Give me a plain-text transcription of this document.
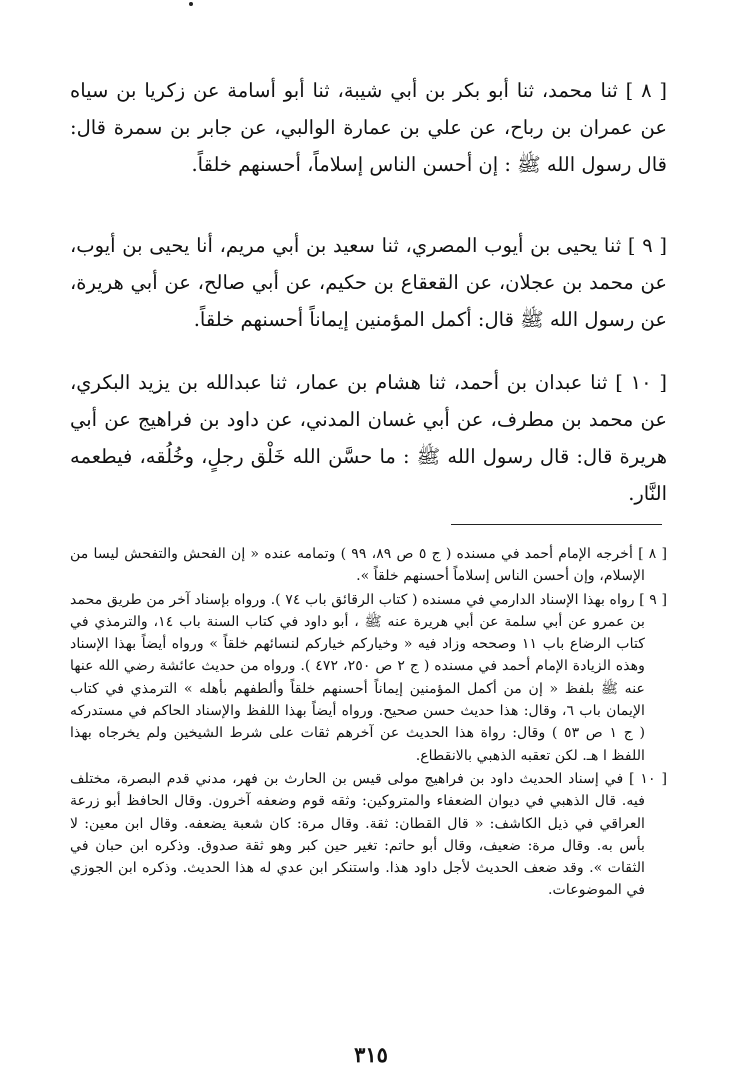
[ ٨ ] ثنا محمد، ثنا أبو بكر بن أبي شيبة، ثنا أبو أسامة عن زكريا بن سياه عن عمران بن رباح، عن علي بن عمارة الوالبي، عن جابر بن سمرة قال: قال رسول الله ﷺ : إن أحسن الناس إسلاماً، أحسنهم خلقاً.

[ ٩ ] ثنا يحيى بن أيوب المصري، ثنا سعيد بن أبي مريم، أنا يحيى بن أيوب، عن محمد بن عجلان، عن القعقاع بن حكيم، عن أبي صالح، عن أبي هريرة، عن رسول الله ﷺ قال: أكمل المؤمنين إيماناً أحسنهم خلقاً.

[ ١٠ ] ثنا عبدان بن أحمد، ثنا هشام بن عمار، ثنا عبدالله بن يزيد البكري، عن محمد بن مطرف، عن أبي غسان المدني، عن داود بن فراهيج عن أبي هريرة قال: قال رسول الله ﷺ : ما حسَّن الله خَلْق رجلٍ، وخُلُقه، فيطعمه النَّار.

[ ٨ ] أخرجه الإمام أحمد في مسنده ( ج ٥ ص ٨٩، ٩٩ ) وتمامه عنده « إن الفحش والتفحش ليسا من الإسلام، وإن أحسن الناس إسلاماً أحسنهم خلقاً ».

[ ٩ ] رواه بهذا الإسناد الدارمي في مسنده ( كتاب الرقائق باب ٧٤ ). ورواه بإسناد آخر من طريق محمد بن عمرو عن أبي سلمة عن أبي هريرة عنه ﷺ ، أبو داود في كتاب السنة باب ١٤، والترمذي في كتاب الرضاع باب ١١ وصححه وزاد فيه « وخياركم خياركم لنسائهم خلقاً » ورواه أيضاً بهذا الإسناد وهذه الزيادة الإمام أحمد في مسنده ( ج ٢ ص ٢٥٠، ٤٧٢ ). ورواه من حديث عائشة رضي الله عنها عنه ﷺ بلفظ « إن من أكمل المؤمنين إيماناً أحسنهم خلقاً وألطفهم بأهله » الترمذي في كتاب الإيمان باب ٦، وقال: هذا حديث حسن صحيح. ورواه أيضاً بهذا اللفظ والإسناد الحاكم في مستدركه ( ج ١ ص ٥٣ ) وقال: رواة هذا الحديث عن آخرهم ثقات على شرط الشيخين ولم يخرجاه بهذا اللفظ ا هـ. لكن تعقبه الذهبي بالانقطاع.

[ ١٠ ] في إسناد الحديث داود بن فراهيج مولى قيس بن الحارث بن فهر، مدني قدم البصرة، مختلف فيه. قال الذهبي في ديوان الضعفاء والمتروكين: وثقه قوم وضعفه آخرون. وقال الحافظ أبو زرعة العراقي في ذيل الكاشف: « قال القطان: ثقة. وقال مرة: كان شعبة يضعفه. وقال ابن معين: لا بأس به. وقال مرة: ضعيف، وقال أبو حاتم: تغير حين كبر وهو ثقة صدوق. وذكره ابن حبان في الثقات ». وقد ضعف الحديث لأجل داود هذا. واستنكر ابن عدي له هذا الحديث. وذكره ابن الجوزي في الموضوعات.

٣١٥
